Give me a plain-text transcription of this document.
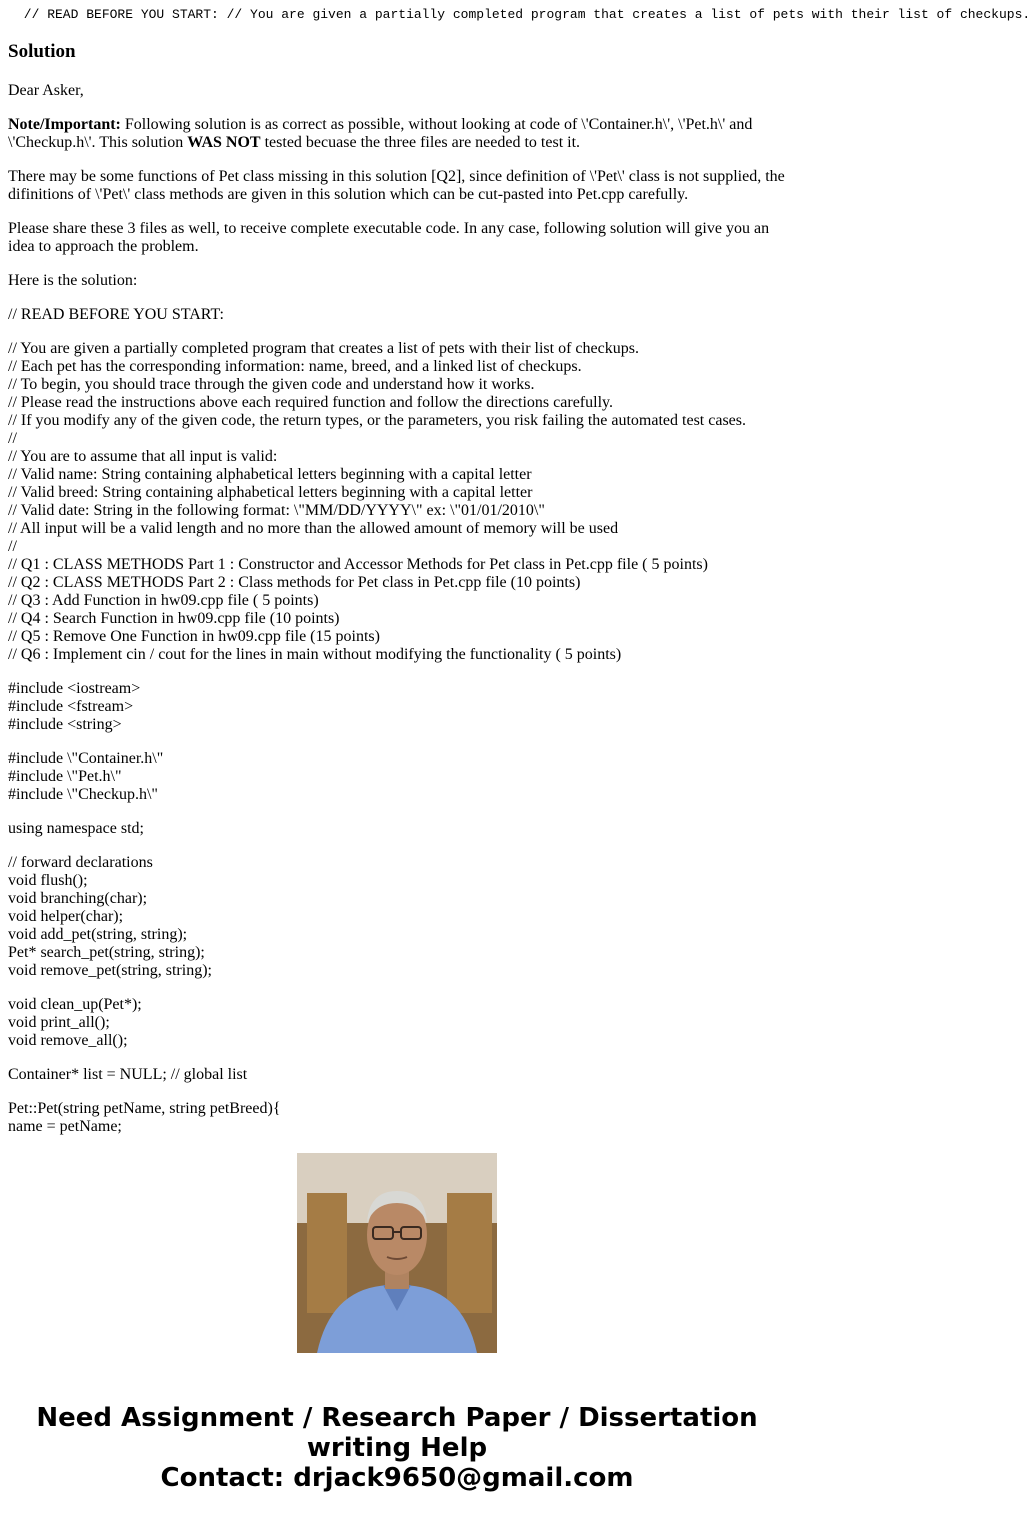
// READ BEFORE YOU START: // You are given a partially completed program that creates a list of pets with their list of checkups.
Solution

Dear Asker,

Note/Important: Following solution is as correct as possible, without looking at code of \'Container.h\', \'Pet.h\' and \'Checkup.h\'. This solution WAS NOT tested becuase the three files are needed to test it.

There may be some functions of Pet class missing in this solution [Q2], since definition of \'Pet\' class is not supplied, the difinitions of \'Pet\' class methods are given in this solution which can be cut-pasted into Pet.cpp carefully.

Please share these 3 files as well, to receive complete executable code. In any case, following solution will give you an idea to approach the problem.

Here is the solution:

// READ BEFORE YOU START:

// You are given a partially completed program that creates a list of pets with their list of checkups.
// Each pet has the corresponding information: name, breed, and a linked list of checkups.
// To begin, you should trace through the given code and understand how it works.
// Please read the instructions above each required function and follow the directions carefully.
// If you modify any of the given code, the return types, or the parameters, you risk failing the automated test cases.
//
// You are to assume that all input is valid:
// Valid name: String containing alphabetical letters beginning with a capital letter
// Valid breed: String containing alphabetical letters beginning with a capital letter
// Valid date: String in the following format: \"MM/DD/YYYY\" ex: \"01/01/2010\"
// All input will be a valid length and no more than the allowed amount of memory will be used
//
// Q1 : CLASS METHODS Part 1 : Constructor and Accessor Methods for Pet class in Pet.cpp file ( 5 points)
// Q2 : CLASS METHODS Part 2 : Class methods for Pet class in Pet.cpp file (10 points)
// Q3 : Add Function in hw09.cpp file ( 5 points)
// Q4 : Search Function in hw09.cpp file (10 points)
// Q5 : Remove One Function in hw09.cpp file (15 points)
// Q6 : Implement cin / cout for the lines in main without modifying the functionality ( 5 points)

#include <iostream>
#include <fstream>
#include <string>

#include \"Container.h\"
#include \"Pet.h\"
#include \"Checkup.h\"

using namespace std;

// forward declarations
void flush();
void branching(char);
void helper(char);
void add_pet(string, string);
Pet* search_pet(string, string);
void remove_pet(string, string);

void clean_up(Pet*);
void print_all();
void remove_all();

Container* list = NULL; // global list

Pet::Pet(string petName, string petBreed){
name = petName;

Need Assignment / Research Paper / Dissertation
writing Help
Contact: drjack9650@gmail.com
